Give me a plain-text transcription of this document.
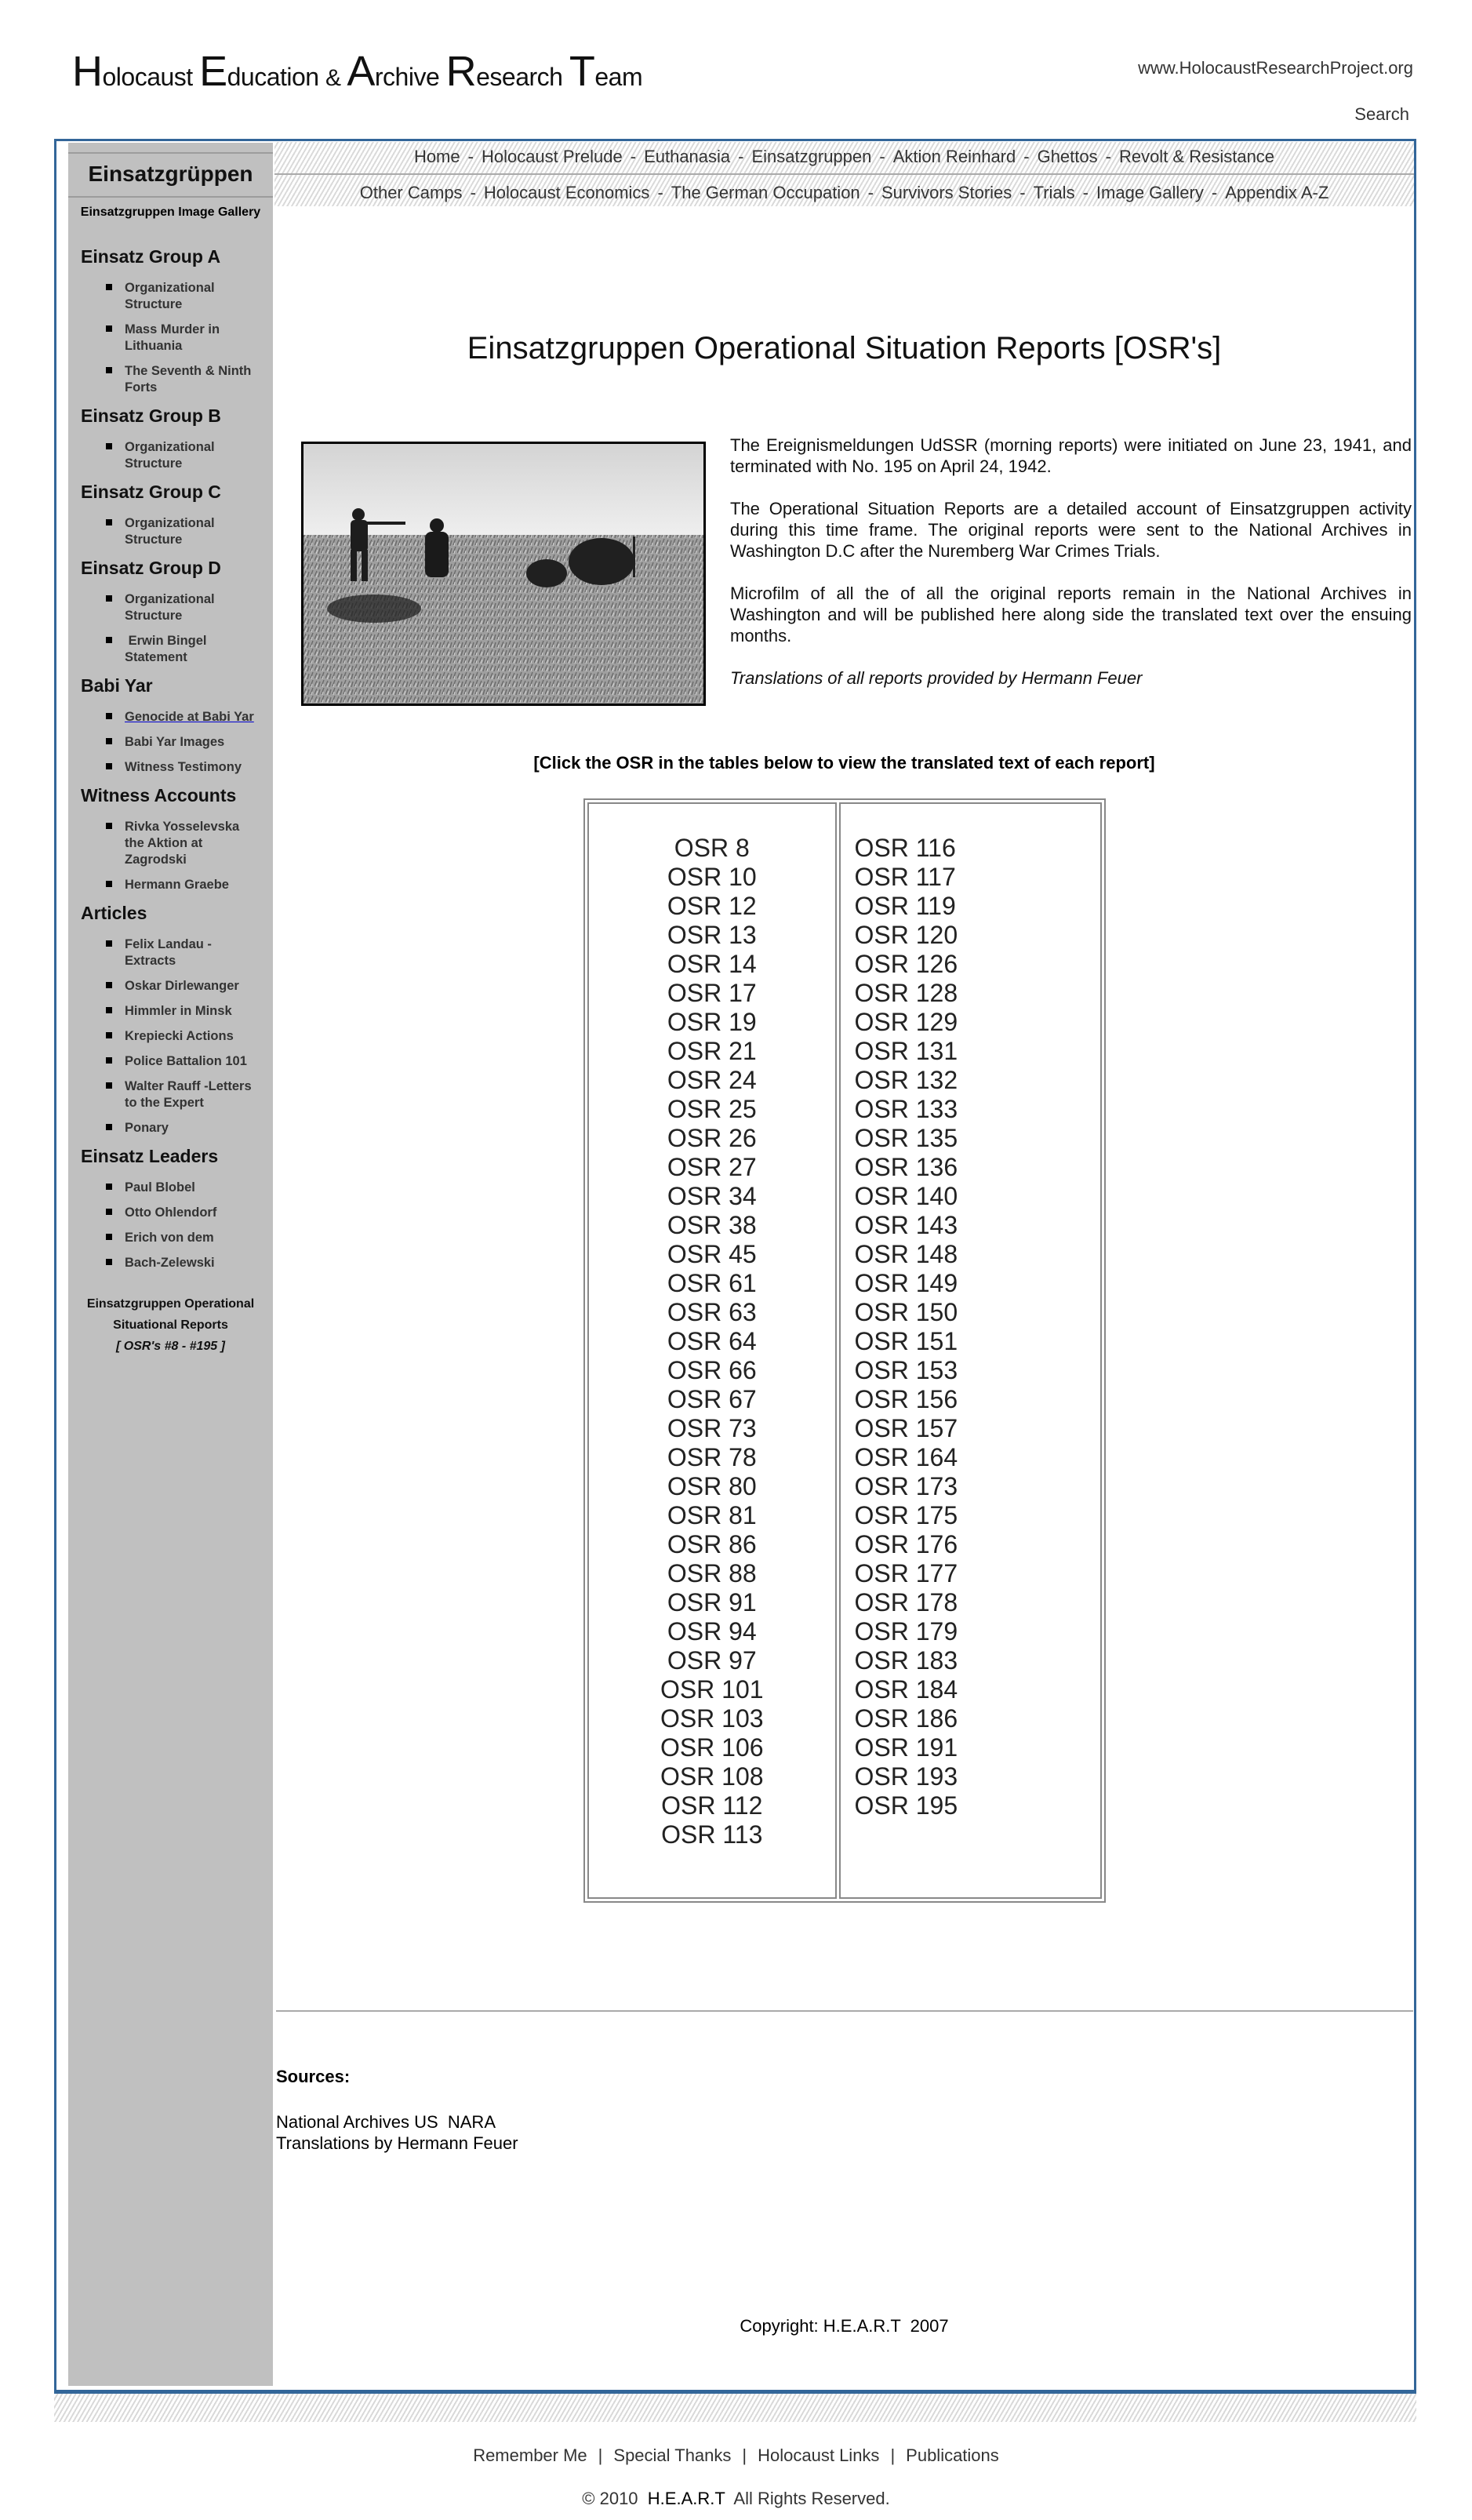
Holocaust Education & Archive Research Team	www.HolocaustResearchProject.org
Search
Einsatzgrüppen
Einsatzgruppen Image Gallery
Einsatz Group A
Organizational Structure
Mass Murder in Lithuania
The Seventh & Ninth Forts
Einsatz Group B
Organizational Structure
Einsatz Group C
Organizational Structure
Einsatz Group D
Organizational Structure
Erwin Bingel Statement
Babi Yar
Genocide at Babi Yar
Babi Yar Images
Witness Testimony
Witness Accounts
Rivka Yosselevska the Aktion at Zagrodski
Hermann Graebe
Articles
Felix Landau - Extracts
Oskar Dirlewanger
Himmler in Minsk
Krepiecki Actions
Police Battalion 101
Walter Rauff -Letters to the Expert
Ponary
Einsatz Leaders
Paul Blobel
Otto Ohlendorf
Erich von dem
Bach-Zelewski
Einsatzgruppen Operational
Situational Reports
[ OSR's #8 - #195 ]
Home - Holocaust Prelude - Euthanasia - Einsatzgruppen - Aktion Reinhard - Ghettos - Revolt & Resistance
Other Camps - Holocaust Economics - The German Occupation - Survivors Stories - Trials - Image Gallery - Appendix A-Z
Einsatzgruppen Operational Situation Reports [OSR's]

The Ereignismeldungen UdSSR (morning reports) were initiated on June 23, 1941, and terminated with No. 195 on April 24, 1942.

The Operational Situation Reports are a detailed account of Einsatzgruppen activity during this time frame. The original reports were sent to the National Archives in Washington D.C after the Nuremberg War Crimes Trials.

Microfilm of all the of all the original reports remain in the National Archives in Washington and will be published here along side the translated text over the ensuing months.

Translations of all reports provided by Hermann Feuer

[Click the OSR in the tables below to view the translated text of each report]
OSR 8
OSR 10
OSR 12
OSR 13
OSR 14
OSR 17
OSR 19
OSR 21
OSR 24
OSR 25
OSR 26
OSR 27
OSR 34
OSR 38
OSR 45
OSR 61
OSR 63
OSR 64
OSR 66
OSR 67
OSR 73
OSR 78
OSR 80
OSR 81
OSR 86
OSR 88
OSR 91
OSR 94
OSR 97
OSR 101
OSR 103
OSR 106
OSR 108
OSR 112
OSR 113
OSR 116
OSR 117
OSR 119
OSR 120
OSR 126
OSR 128
OSR 129
OSR 131
OSR 132
OSR 133
OSR 135
OSR 136
OSR 140
OSR 143
OSR 148
OSR 149
OSR 150
OSR 151
OSR 153
OSR 156
OSR 157
OSR 164
OSR 173
OSR 175
OSR 176
OSR 177
OSR 178
OSR 179
OSR 183
OSR 184
OSR 186
OSR 191
OSR 193
OSR 195
Sources:
National Archives US  NARA
Translations by Hermann Feuer
Copyright: H.E.A.R.T  2007
Remember Me | Special Thanks | Holocaust Links | Publications
© 2010  H.E.A.R.T  All Rights Reserved.
